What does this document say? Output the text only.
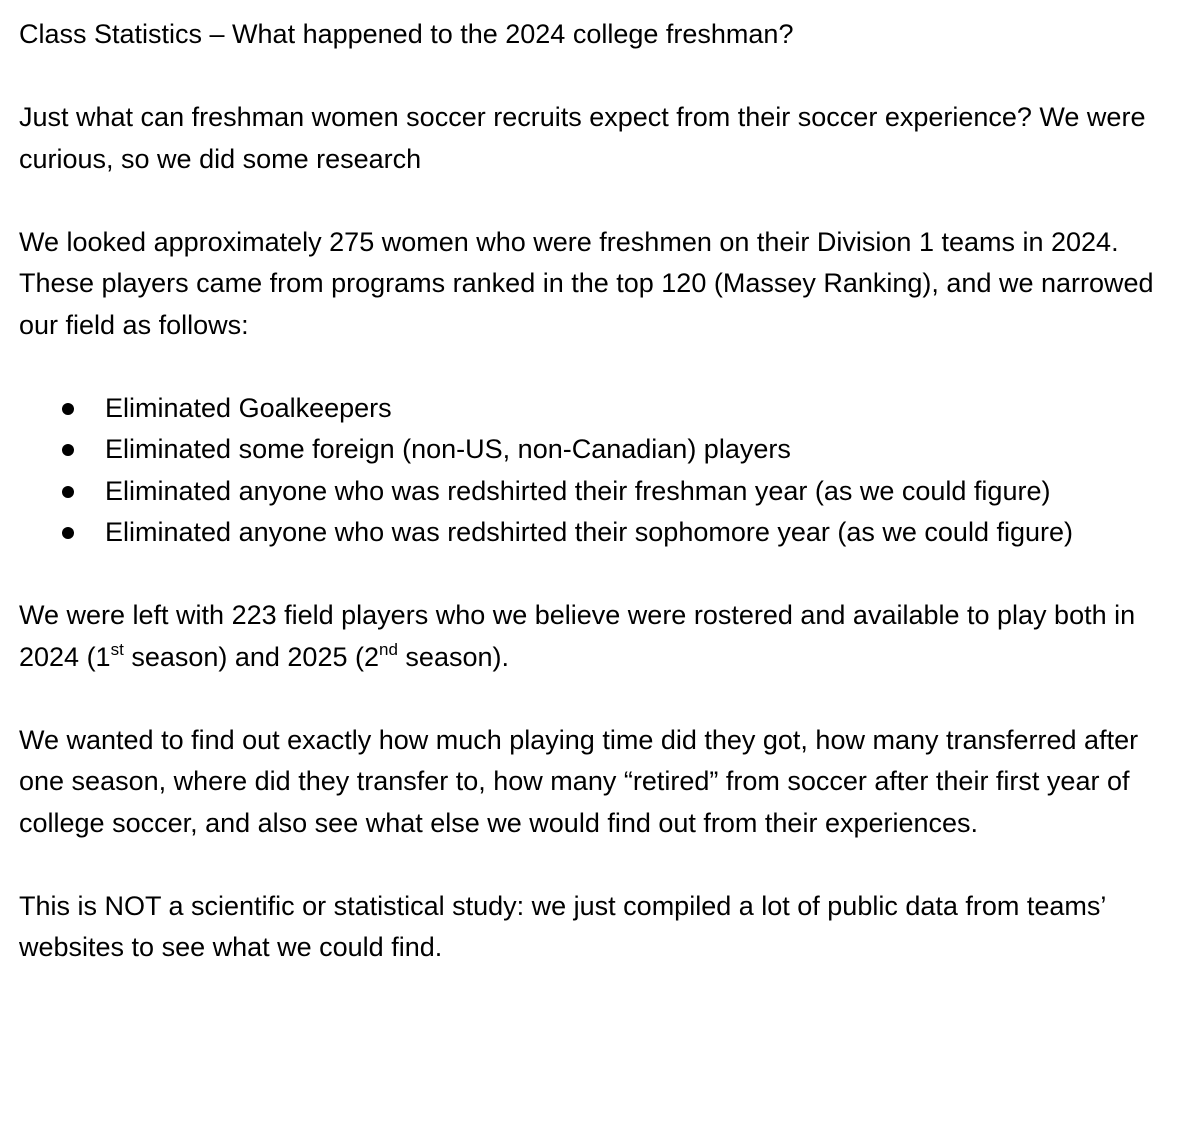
Class Statistics – What happened to the 2024 college freshman?

Just what can freshman women soccer recruits expect from their soccer experience? We were curious, so we did some research

We looked approximately 275 women who were freshmen on their Division 1 teams in 2024. These players came from programs ranked in the top 120 (Massey Ranking), and we narrowed our field as follows:

Eliminated Goalkeepers
Eliminated some foreign (non-US, non-Canadian) players
Eliminated anyone who was redshirted their freshman year (as we could figure)
Eliminated anyone who was redshirted their sophomore year (as we could figure)

We were left with 223 field players who we believe were rostered and available to play both in 2024 (1st season) and 2025 (2nd season).

We wanted to find out exactly how much playing time did they got, how many transferred after one season, where did they transfer to, how many “retired” from soccer after their first year of college soccer, and also see what else we would find out from their experiences.

This is NOT a scientific or statistical study: we just compiled a lot of public data from teams’ websites to see what we could find.
